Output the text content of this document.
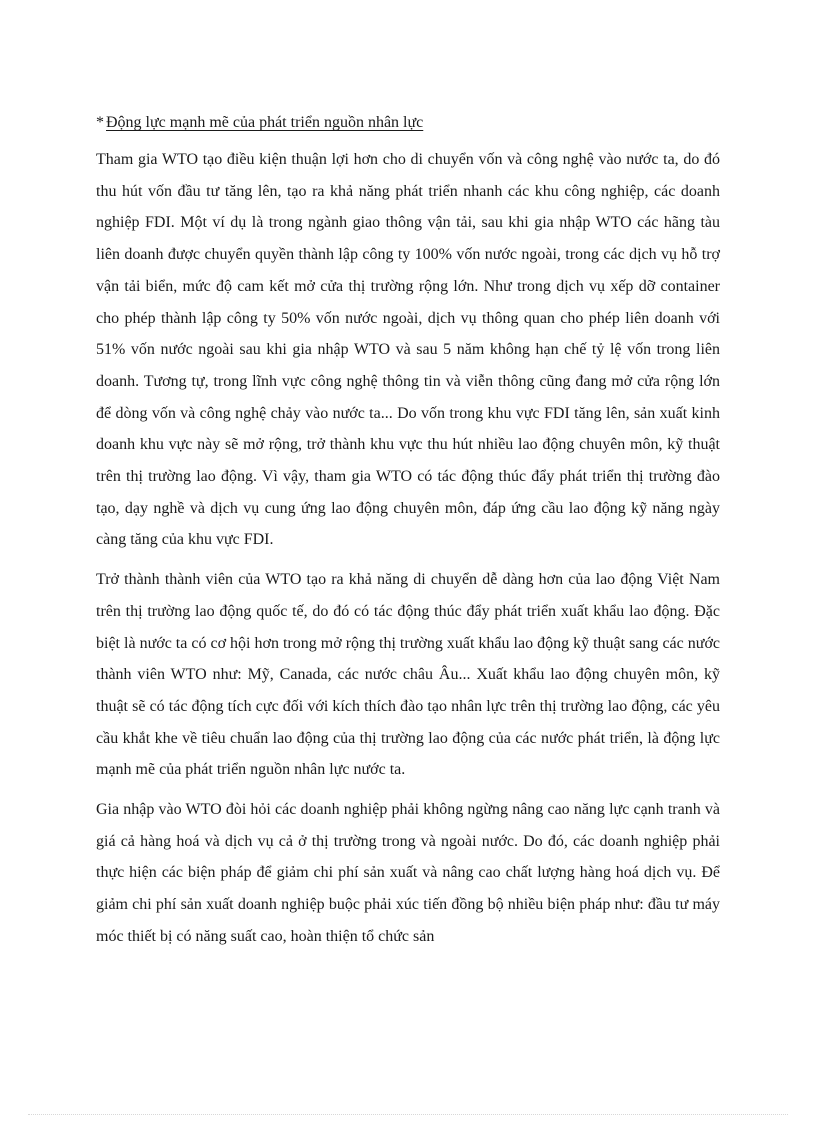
* Động lực mạnh mẽ của phát triển nguồn nhân lực

Tham gia WTO tạo điều kiện thuận lợi hơn cho di chuyển vốn và công nghệ vào nước ta, do đó thu hút vốn đầu tư tăng lên, tạo ra khả năng phát triển nhanh các khu công nghiệp, các doanh nghiệp FDI. Một ví dụ là trong ngành giao thông vận tải, sau khi gia nhập WTO các hãng tàu liên doanh được chuyển quyền thành lập công ty 100% vốn nước ngoài, trong các dịch vụ hỗ trợ vận tải biển, mức độ cam kết mở cửa thị trường rộng lớn. Như trong dịch vụ xếp dỡ container cho phép thành lập công ty 50% vốn nước ngoài, dịch vụ thông quan cho phép liên doanh với 51% vốn nước ngoài sau khi gia nhập WTO và sau 5 năm không hạn chế tỷ lệ vốn trong liên doanh. Tương tự, trong lĩnh vực công nghệ thông tin và viễn thông cũng đang mở cửa rộng lớn để dòng vốn và công nghệ chảy vào nước ta... Do vốn trong khu vực FDI tăng lên, sản xuất kinh doanh khu vực này sẽ mở rộng, trở thành khu vực thu hút nhiều lao động chuyên môn, kỹ thuật trên thị trường lao động. Vì vậy, tham gia WTO có tác động thúc đẩy phát triển thị trường đào tạo, dạy nghề và dịch vụ cung ứng lao động chuyên môn, đáp ứng cầu lao động kỹ năng ngày càng tăng của khu vực FDI.

Trở thành thành viên của WTO tạo ra khả năng di chuyển dễ dàng hơn của lao động Việt Nam trên thị trường lao động quốc tế, do đó có tác động thúc đẩy phát triển xuất khẩu lao động. Đặc biệt là nước ta có cơ hội hơn trong mở rộng thị trường xuất khẩu lao động kỹ thuật sang các nước thành viên WTO như: Mỹ, Canada, các nước châu Âu... Xuất khẩu lao động chuyên môn, kỹ thuật sẽ có tác động tích cực đối với kích thích đào tạo nhân lực trên thị trường lao động, các yêu cầu khắt khe về tiêu chuẩn lao động của thị trường lao động của các nước phát triển, là động lực mạnh mẽ của phát triển nguồn nhân lực nước ta.

Gia nhập vào WTO đòi hỏi các doanh nghiệp phải không ngừng nâng cao năng lực cạnh tranh và giá cả hàng hoá và dịch vụ cả ở thị trường trong và ngoài nước. Do đó, các doanh nghiệp phải thực hiện các biện pháp để giảm chi phí sản xuất và nâng cao chất lượng hàng hoá dịch vụ. Để giảm chi phí sản xuất doanh nghiệp buộc phải xúc tiến đồng bộ nhiều biện pháp như: đầu tư máy móc thiết bị có năng suất cao, hoàn thiện tổ chức sản
